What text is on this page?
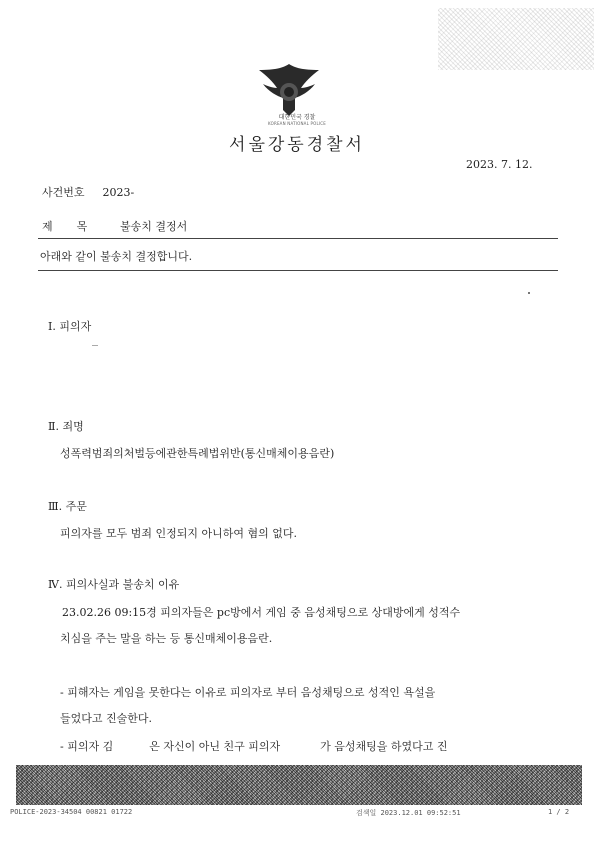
대한민국 경찰
KOREAN NATIONAL POLICE
서울강동경찰서
2023. 7. 12.
사건번호 2023-
제목 불송치 결정서
아래와 같이 불송치 결정합니다.
Ⅰ. 피의자
Ⅱ. 죄명
성폭력범죄의처벌등에관한특례법위반(통신매체이용음란)
Ⅲ. 주문
피의자를 모두 범죄 인정되지 아니하여 혐의 없다.
Ⅳ. 피의사실과 불송치 이유
23.02.26 09:15경 피의자들은 pc방에서 게임 중 음성채팅으로 상대방에게 성적수
치심을 주는 말을 하는 등 통신매체이용음란.
- 피해자는 게임을 못한다는 이유로 피의자로 부터 음성채팅으로 성적인 욕설을
들었다고 진술한다.
- 피의자 김	은 자신이 아닌 친구 피의자	가 음성채팅을 하였다고 진
POLICE-2023-34504 00821 01722	검색일 2023.12.01 09:52:51	1 / 2
